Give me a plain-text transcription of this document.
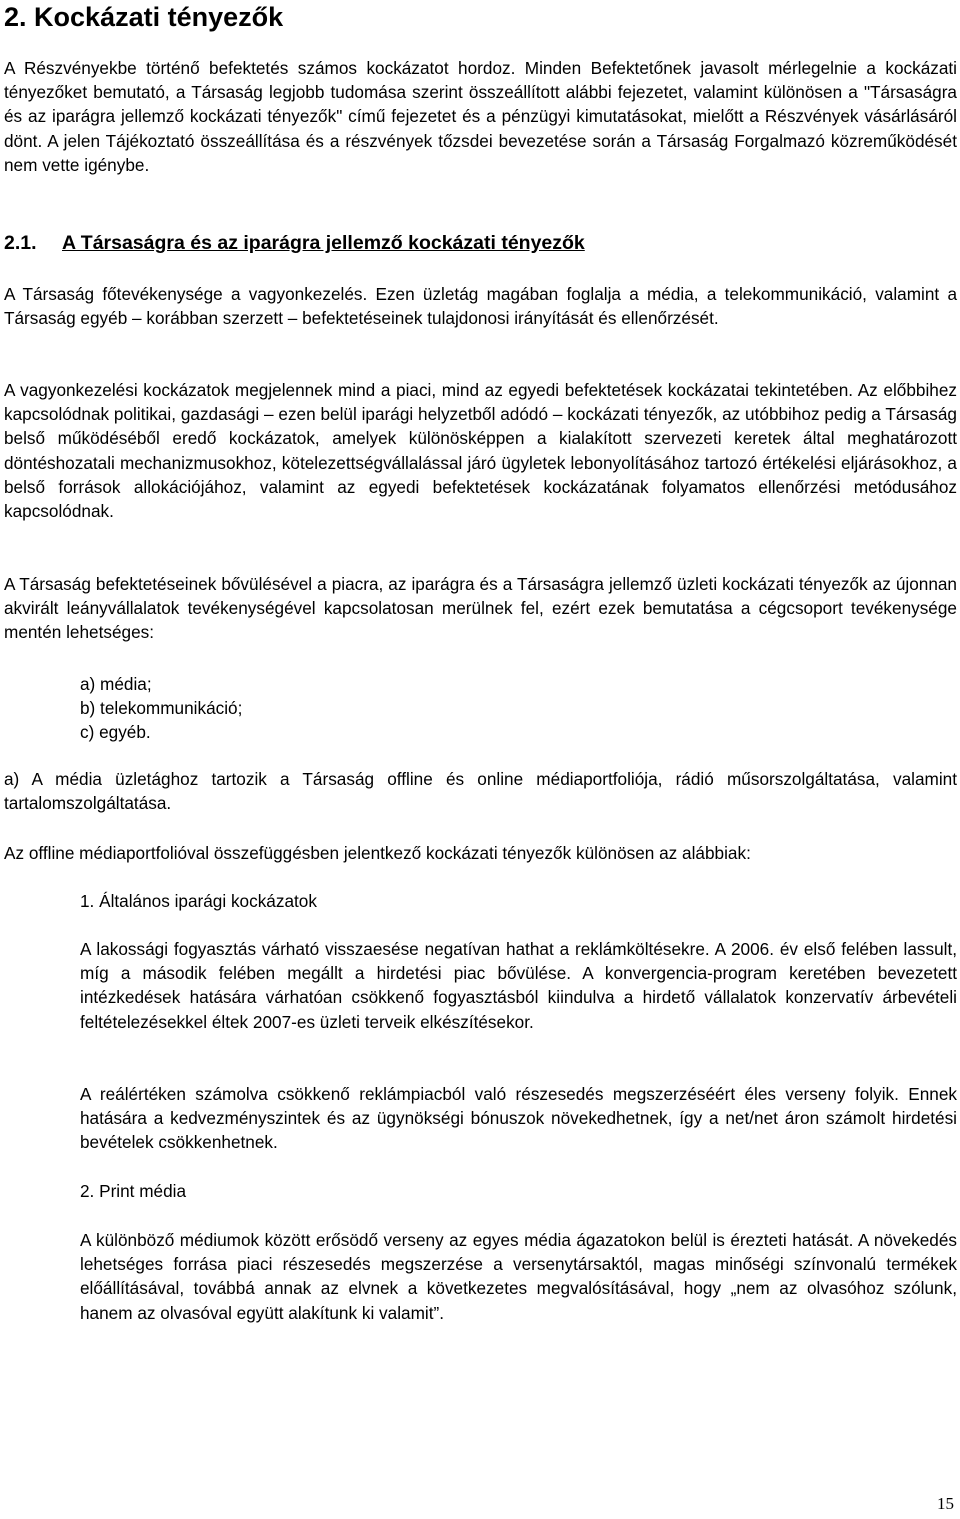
2. Kockázati tényezők

A Részvényekbe történő befektetés számos kockázatot hordoz. Minden Befektetőnek javasolt mérlegelnie a kockázati tényezőket bemutató, a Társaság legjobb tudomása szerint összeállított alábbi fejezetet, valamint különösen a "Társaságra és az iparágra jellemző kockázati tényezők" című fejezetet és a pénzügyi kimutatásokat, mielőtt a Részvények vásárlásáról dönt. A jelen Tájékoztató összeállítása és a részvények tőzsdei bevezetése során a Társaság Forgalmazó közreműködését nem vette igénybe.

2.1. A Társaságra és az iparágra jellemző kockázati tényezők

A Társaság főtevékenysége a vagyonkezelés. Ezen üzletág magában foglalja a média, a telekommunikáció, valamint a Társaság egyéb – korábban szerzett – befektetéseinek tulajdonosi irányítását és ellenőrzését.

A vagyonkezelési kockázatok megjelennek mind a piaci, mind az egyedi befektetések kockázatai tekintetében. Az előbbihez kapcsolódnak politikai, gazdasági – ezen belül iparági helyzetből adódó – kockázati tényezők, az utóbbihoz pedig a Társaság belső működéséből eredő kockázatok, amelyek különösképpen a kialakított szervezeti keretek által meghatározott döntéshozatali mechanizmusokhoz, kötelezettségvállalással járó ügyletek lebonyolításához tartozó értékelési eljárásokhoz, a belső források allokációjához, valamint az egyedi befektetések kockázatának folyamatos ellenőrzési metódusához kapcsolódnak.

A Társaság befektetéseinek bővülésével a piacra, az iparágra és a Társaságra jellemző üzleti kockázati tényezők az újonnan akvirált leányvállalatok tevékenységével kapcsolatosan merülnek fel, ezért ezek bemutatása a cégcsoport tevékenysége mentén lehetséges:

a) média;
b) telekommunikáció;
c) egyéb.

a) A média üzletághoz tartozik a Társaság offline és online médiaportfoliója, rádió műsorszolgáltatása, valamint tartalomszolgáltatása.

Az offline médiaportfolióval összefüggésben jelentkező kockázati tényezők különösen az alábbiak:

1. Általános iparági kockázatok

A lakossági fogyasztás várható visszaesése negatívan hathat a reklámköltésekre. A 2006. év első felében lassult, míg a második felében megállt a hirdetési piac bővülése. A konvergencia-program keretében bevezetett intézkedések hatására várhatóan csökkenő fogyasztásból kiindulva a hirdető vállalatok konzervatív árbevételi feltételezésekkel éltek 2007-es üzleti terveik elkészítésekor.

A reálértéken számolva csökkenő reklámpiacból való részesedés megszerzéséért éles verseny folyik. Ennek hatására a kedvezményszintek és az ügynökségi bónuszok növekedhetnek, így a net/net áron számolt hirdetési bevételek csökkenhetnek.

2. Print média

A különböző médiumok között erősödő verseny az egyes média ágazatokon belül is érezteti hatását. A növekedés lehetséges forrása piaci részesedés megszerzése a versenytársaktól, magas minőségi színvonalú termékek előállításával, továbbá annak az elvnek a következetes megvalósításával, hogy „nem az olvasóhoz szólunk, hanem az olvasóval együtt alakítunk ki valamit”.

15
